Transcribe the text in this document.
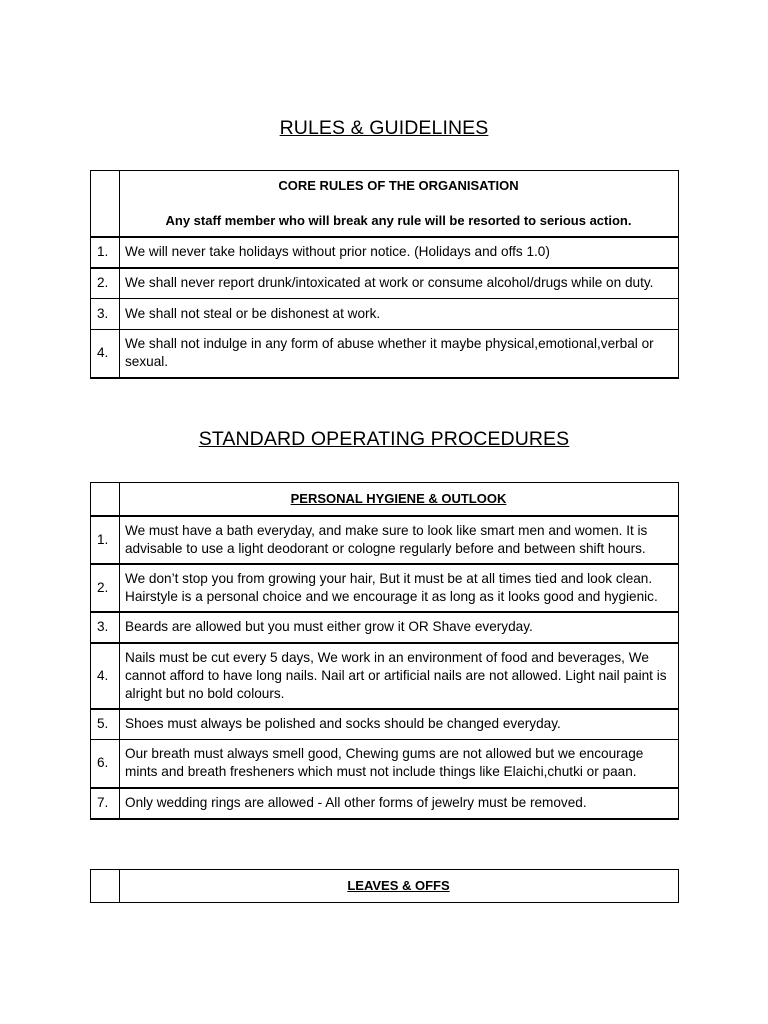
RULES & GUIDELINES
	CORE RULES OF THE ORGANISATION
Any staff member who will break any rule will be resorted to serious action.

1.	We will never take holidays without prior notice. (Holidays and offs 1.0)
2.	We shall never report drunk/intoxicated at work or consume alcohol/drugs while on duty.
3.	We shall not steal or be dishonest at work.
4.	We shall not indulge in any form of abuse whether it maybe physical,emotional,verbal or sexual.
STANDARD OPERATING PROCEDURES
	PERSONAL HYGIENE & OUTLOOK
1.	We must have a bath everyday, and make sure to look like smart men and women. It is advisable to use a light deodorant or cologne regularly before and between shift hours.
2.	We don’t stop you from growing your hair, But it must be at all times tied and look clean. Hairstyle is a personal choice and we encourage it as long as it looks good and hygienic.
3.	Beards are allowed but you must either grow it OR Shave everyday.
4.	Nails must be cut every 5 days, We work in an environment of food and beverages, We cannot afford to have long nails. Nail art or artificial nails are not allowed. Light nail paint is alright but no bold colours.
5.	Shoes must always be polished and socks should be changed everyday.
6.	Our breath must always smell good, Chewing gums are not allowed but we encourage mints and breath fresheners which must not include things like Elaichi,chutki or paan.
7.	Only wedding rings are allowed - All other forms of jewelry must be removed.
	LEAVES & OFFS
